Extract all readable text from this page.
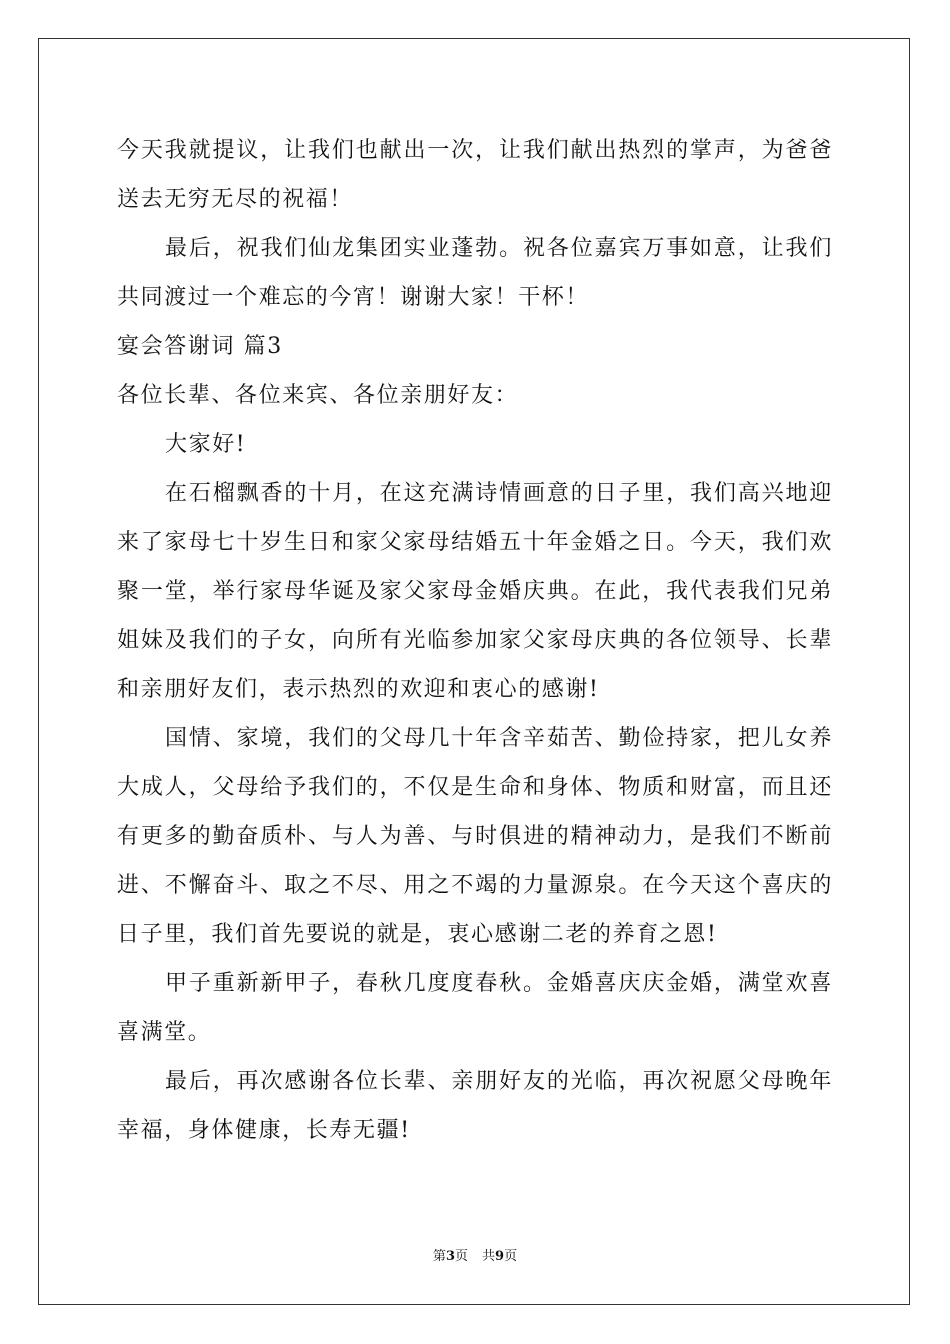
今天我就提议，让我们也献出一次，让我们献出热烈的掌声，为爸爸送去无穷无尽的祝福！

最后，祝我们仙龙集团实业蓬勃。祝各位嘉宾万事如意，让我们共同渡过一个难忘的今宵！谢谢大家！干杯！

宴会答谢词 篇3

各位长辈、各位来宾、各位亲朋好友：

大家好!

在石榴飘香的十月，在这充满诗情画意的日子里，我们高兴地迎来了家母七十岁生日和家父家母结婚五十年金婚之日。今天，我们欢聚一堂，举行家母华诞及家父家母金婚庆典。在此，我代表我们兄弟姐妹及我们的子女，向所有光临参加家父家母庆典的各位领导、长辈和亲朋好友们，表示热烈的欢迎和衷心的感谢!

国情、家境，我们的父母几十年含辛茹苦、勤俭持家，把儿女养大成人，父母给予我们的，不仅是生命和身体、物质和财富，而且还有更多的勤奋质朴、与人为善、与时俱进的精神动力，是我们不断前进、不懈奋斗、取之不尽、用之不竭的力量源泉。在今天这个喜庆的日子里，我们首先要说的就是，衷心感谢二老的养育之恩!

甲子重新新甲子，春秋几度度春秋。金婚喜庆庆金婚，满堂欢喜喜满堂。

最后，再次感谢各位长辈、亲朋好友的光临，再次祝愿父母晚年幸福，身体健康，长寿无疆!

第3页 共9页
